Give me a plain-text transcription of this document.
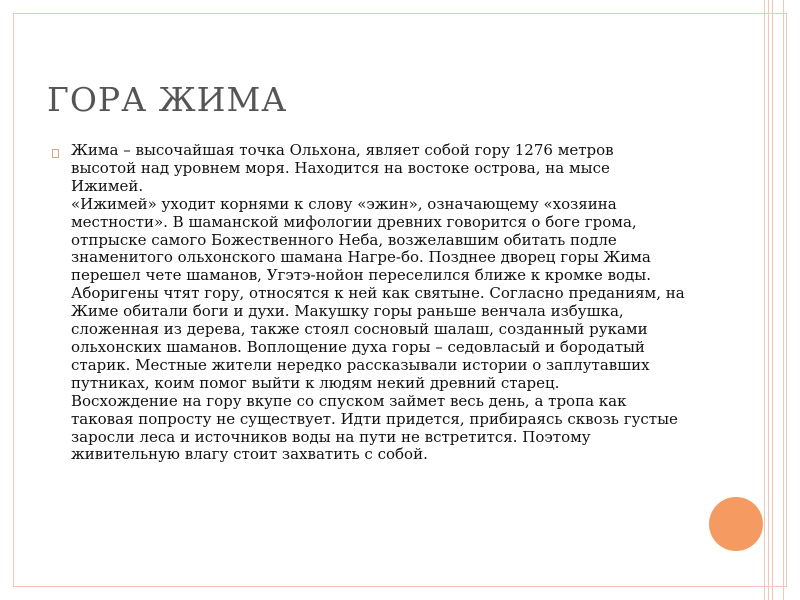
ГОРА ЖИМА
Жима – высочайшая точка Ольхона, являет собой гору 1276 метров
высотой над уровнем моря. Находится на востоке острова, на мысе
Ижимей.
«Ижимей» уходит корнями к слову «эжин», означающему «хозяина
местности». В шаманской мифологии древних говорится о боге грома,
отпрыске самого Божественного Неба, возжелавшим обитать подле
знаменитого ольхонского шамана Нагре-бо. Позднее дворец горы Жима
перешел чете шаманов, Угэтэ-нойон переселился ближе к кромке воды.
Аборигены чтят гору, относятся к ней как святыне. Согласно преданиям, на
Жиме обитали боги и духи. Макушку горы раньше венчала избушка,
сложенная из дерева, также стоял сосновый шалаш, созданный руками
ольхонских шаманов. Воплощение духа горы – седовласый и бородатый
старик. Местные жители нередко рассказывали истории о заплутавших
путниках, коим помог выйти к людям некий древний старец.
Восхождение на гору вкупе со спуском займет весь день, а тропа как
таковая попросту не существует. Идти придется, прибираясь сквозь густые
заросли леса и источников воды на пути не встретится. Поэтому
живительную влагу стоит захватить с собой.
